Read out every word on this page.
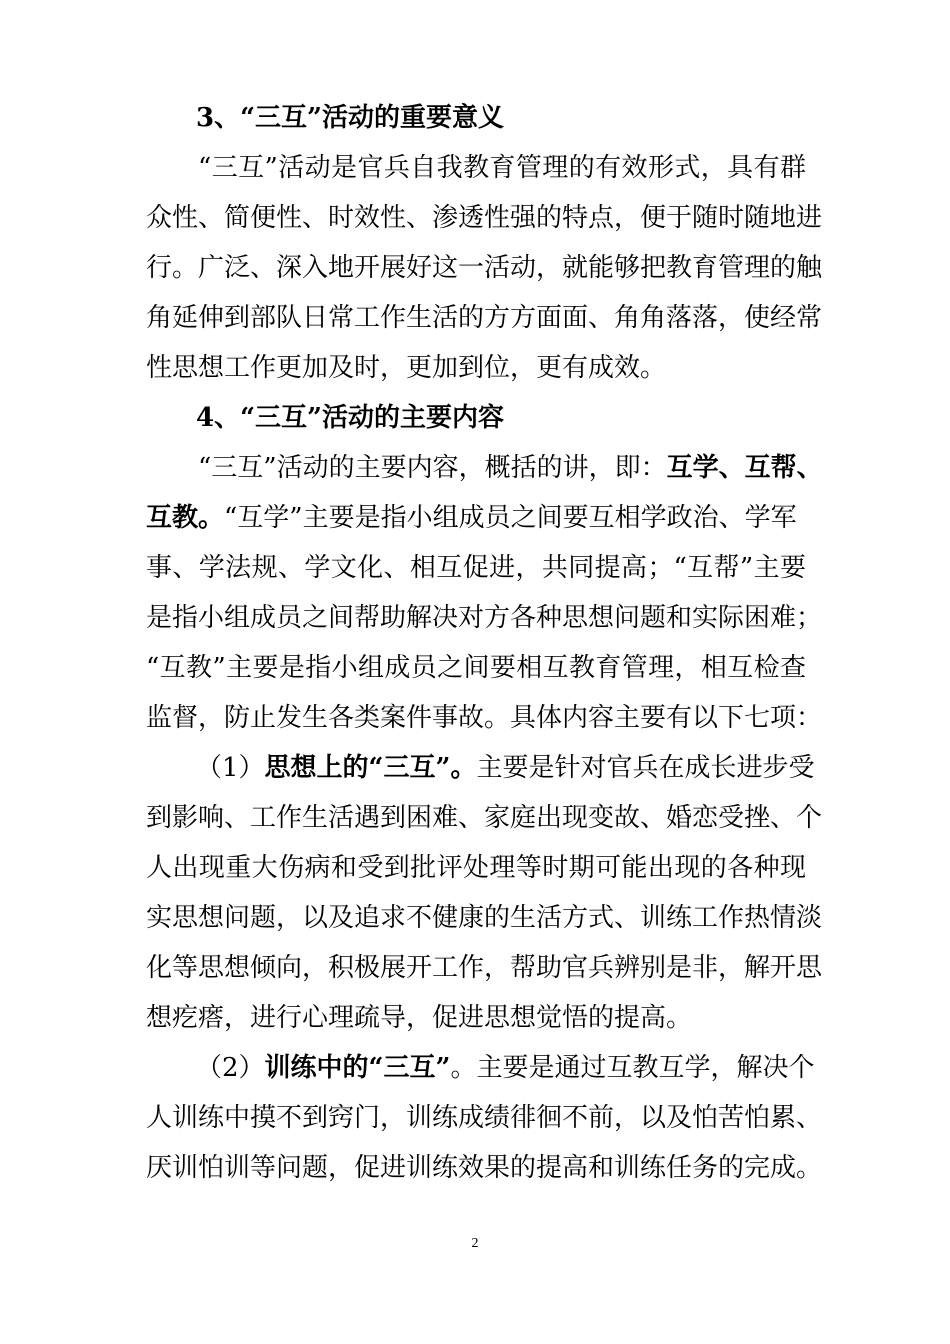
3、“三互”活动的重要意义
“三互”活动是官兵自我教育管理的有效形式，具有群
众性、简便性、时效性、渗透性强的特点，便于随时随地进
行。广泛、深入地开展好这一活动，就能够把教育管理的触
角延伸到部队日常工作生活的方方面面、角角落落，使经常
性思想工作更加及时，更加到位，更有成效。
4、“三互”活动的主要内容
“三互”活动的主要内容，概括的讲，即：互学、互帮、
互教。“互学”主要是指小组成员之间要互相学政治、学军
事、学法规、学文化、相互促进，共同提高；“互帮”主要
是指小组成员之间帮助解决对方各种思想问题和实际困难；
“互教”主要是指小组成员之间要相互教育管理，相互检查
监督，防止发生各类案件事故。具体内容主要有以下七项：
（1）思想上的“三互”。主要是针对官兵在成长进步受
到影响、工作生活遇到困难、家庭出现变故、婚恋受挫、个
人出现重大伤病和受到批评处理等时期可能出现的各种现
实思想问题，以及追求不健康的生活方式、训练工作热情淡
化等思想倾向，积极展开工作，帮助官兵辨别是非，解开思
想疙瘩，进行心理疏导，促进思想觉悟的提高。
（2）训练中的“三互”。主要是通过互教互学，解决个
人训练中摸不到窍门，训练成绩徘徊不前，以及怕苦怕累、
厌训怕训等问题，促进训练效果的提高和训练任务的完成。
2
